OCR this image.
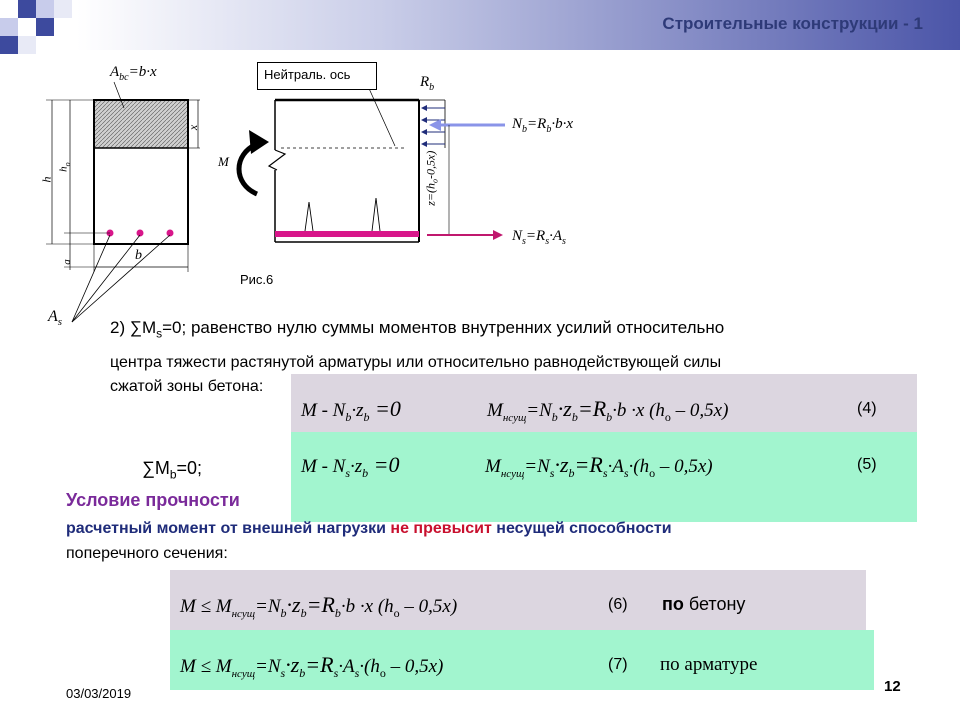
Строительные конструкции - 1
$A_{bc}=b\cdot x$
x
h
$h_o$
a	b
$A_s$
Нейтраль. ось	$R_b$
M
$N_b=R_b\cdot b\cdot x$
$N_s=R_s\cdot A_s$
$z=(h_o-0,5x)$
Рис.6
2) $\sum M_s=0$; равенство нулю суммы моментов внутренних усилий относительно
центра тяжести растянутой арматуры или относительно равнодействующей силы
сжатой зоны бетона:
$M - N_b\cdot z_b =0$	$M_{нсущ}=N_b\cdot z_b=R_b\cdot b \cdot x$ $(h_o - 0,5x)$	(4)
$M - N_s\cdot z_b =0$	$M_{нсущ}=N_s\cdot z_b=R_s\cdot A_s\cdot(h_o - 0,5x)$	(5)
$\sum M_b=0$;
Условие прочности
расчетный момент от внешней нагрузки не превысит несущей способности
поперечного сечения:
$M \le M_{нсущ}=N_b\cdot z_b=R_b\cdot b \cdot x$ $(h_o - 0,5x)$	(6) по бетону
$M \le M_{нсущ}=N_s\cdot z_b=R_s\cdot A_s\cdot(h_o - 0,5x)$	(7) по арматуре
03/03/2019	12
